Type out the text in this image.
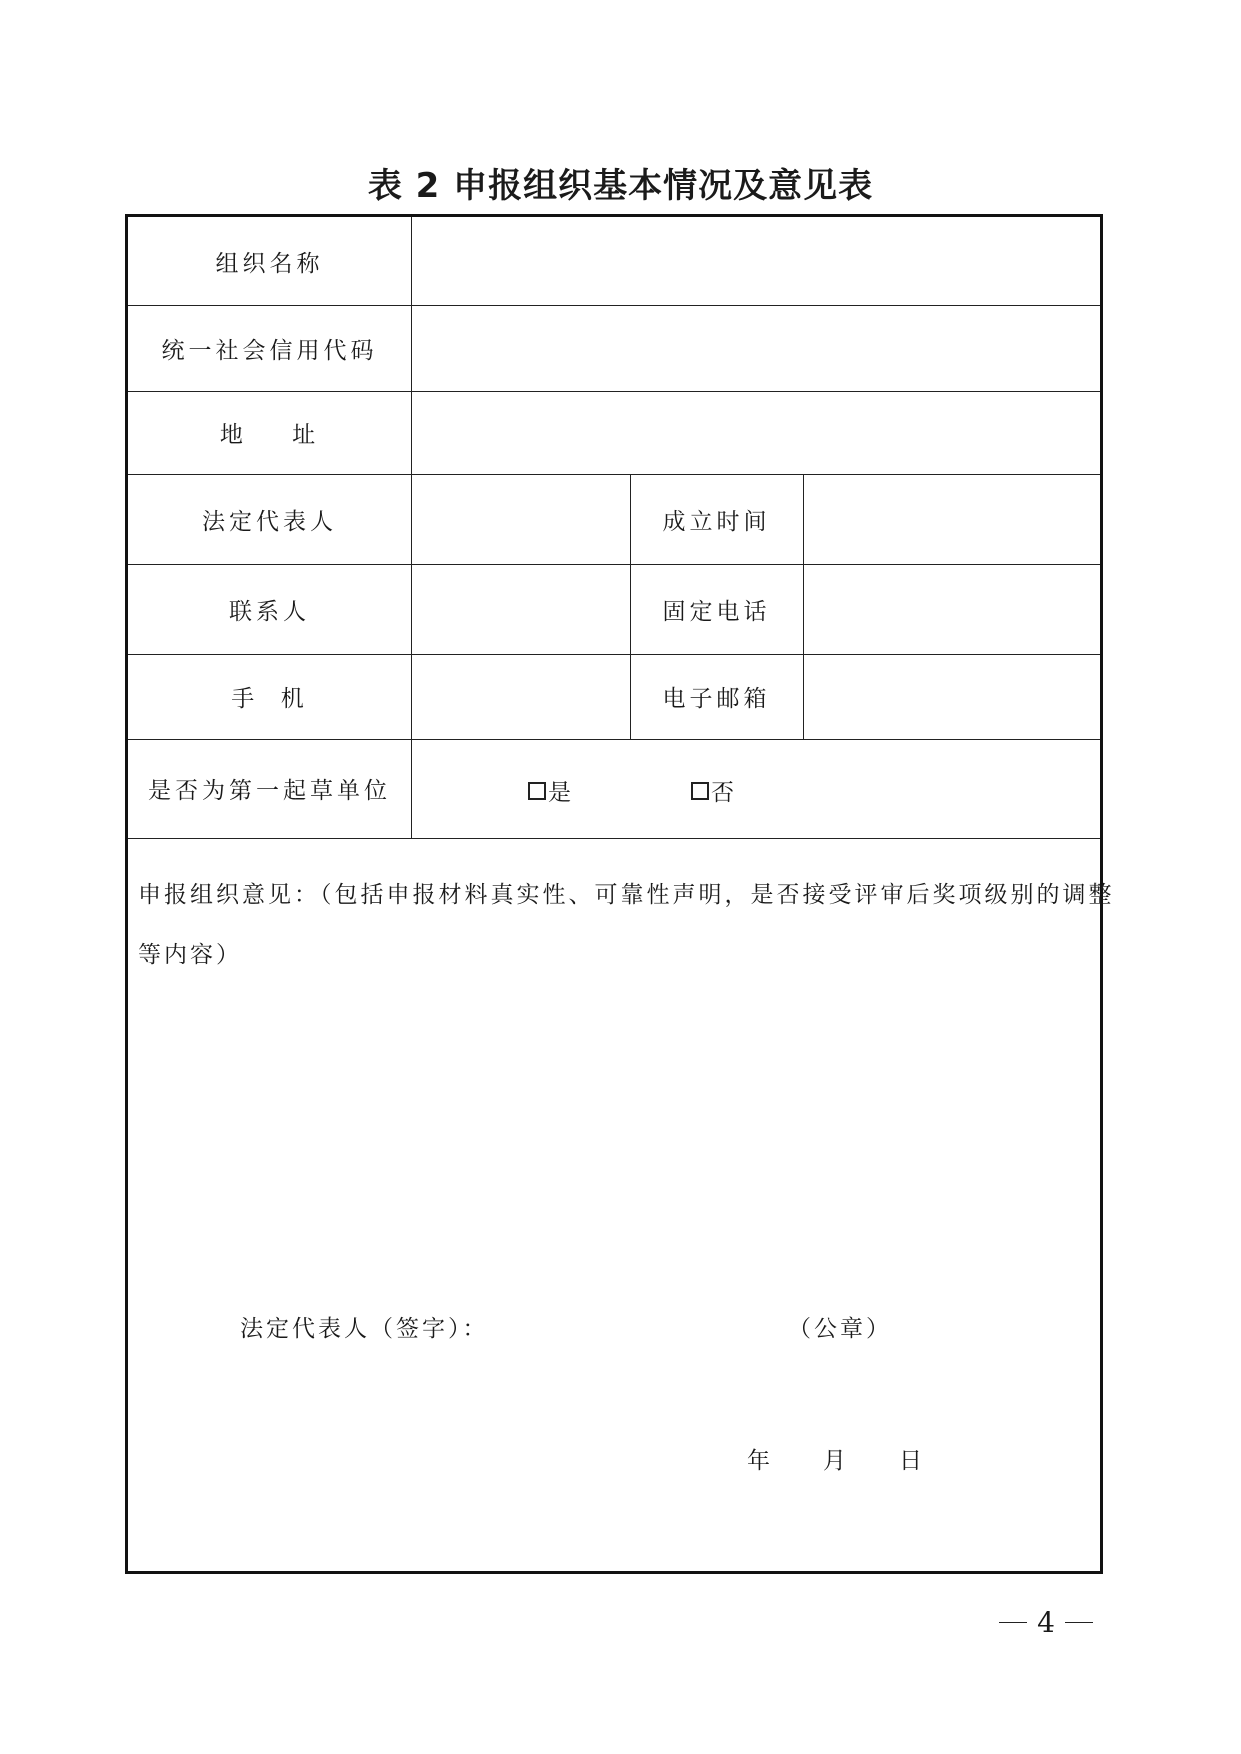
表 2 申报组织基本情况及意见表
组织名称
统一社会信用代码
地    址
法定代表人	成立时间
联系人	固定电话
手  机	电子邮箱
是否为第一起草单位	是	否
申报组织意见：（包括申报材料真实性、可靠性声明，是否接受评审后奖项级别的调整
等内容）
法定代表人（签字）：	（公章）
年 月 日
4
